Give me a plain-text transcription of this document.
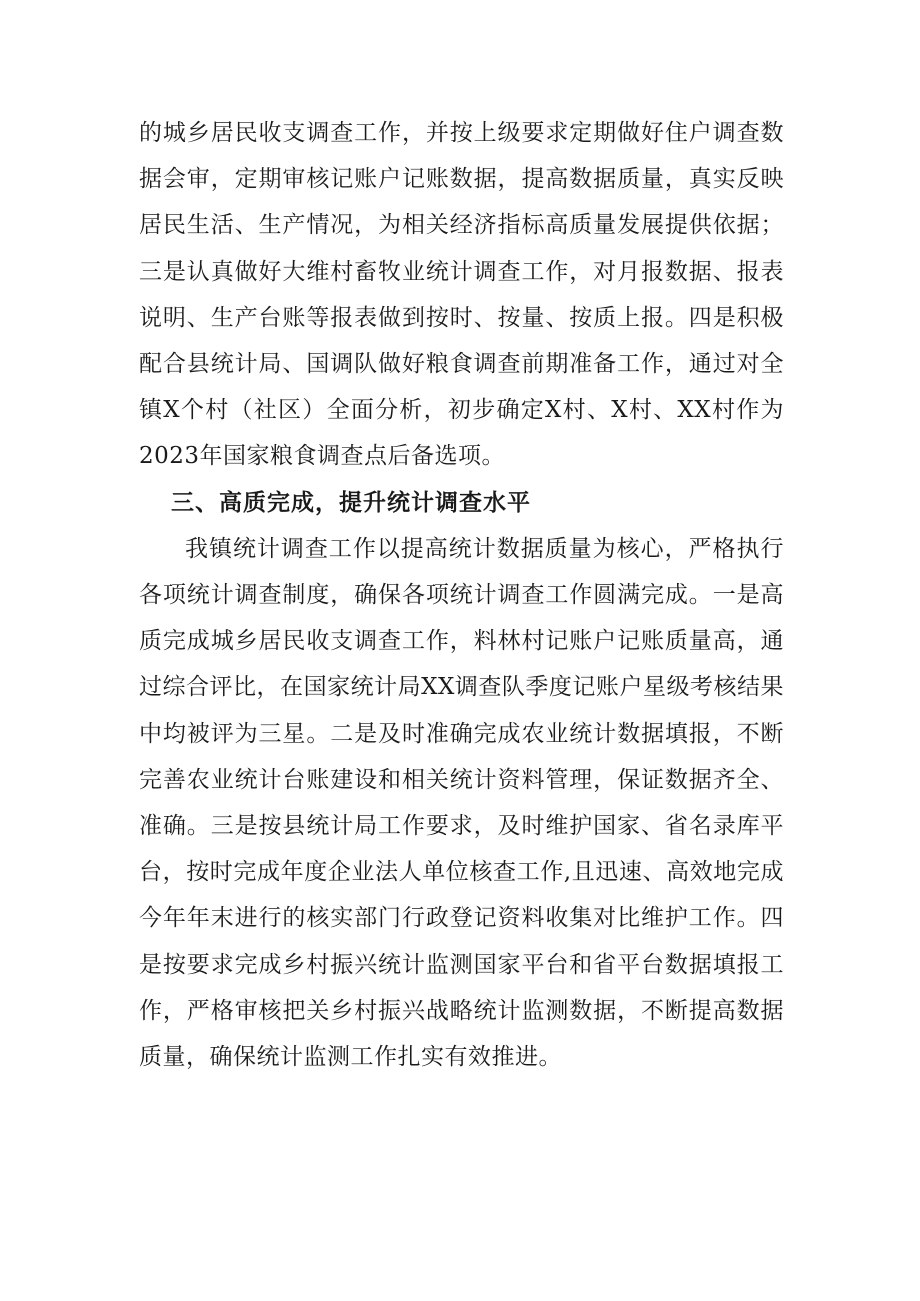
的城乡居民收支调查工作，并按上级要求定期做好住户调查数据会审，定期审核记账户记账数据，提高数据质量，真实反映居民生活、生产情况，为相关经济指标高质量发展提供依据；三是认真做好大维村畜牧业统计调查工作，对月报数据、报表说明、生产台账等报表做到按时、按量、按质上报。四是积极配合县统计局、国调队做好粮食调查前期准备工作，通过对全镇X个村（社区）全面分析，初步确定X村、X村、XX村作为2023年国家粮食调查点后备选项。

三、高质完成，提升统计调查水平

我镇统计调查工作以提高统计数据质量为核心，严格执行各项统计调查制度，确保各项统计调查工作圆满完成。一是高质完成城乡居民收支调查工作，料林村记账户记账质量高，通过综合评比，在国家统计局XX调查队季度记账户星级考核结果中均被评为三星。二是及时准确完成农业统计数据填报，不断完善农业统计台账建设和相关统计资料管理，保证数据齐全、准确。三是按县统计局工作要求，及时维护国家、省名录库平台，按时完成年度企业法人单位核查工作,且迅速、高效地完成今年年末进行的核实部门行政登记资料收集对比维护工作。四是按要求完成乡村振兴统计监测国家平台和省平台数据填报工作，严格审核把关乡村振兴战略统计监测数据，不断提高数据质量，确保统计监测工作扎实有效推进。
